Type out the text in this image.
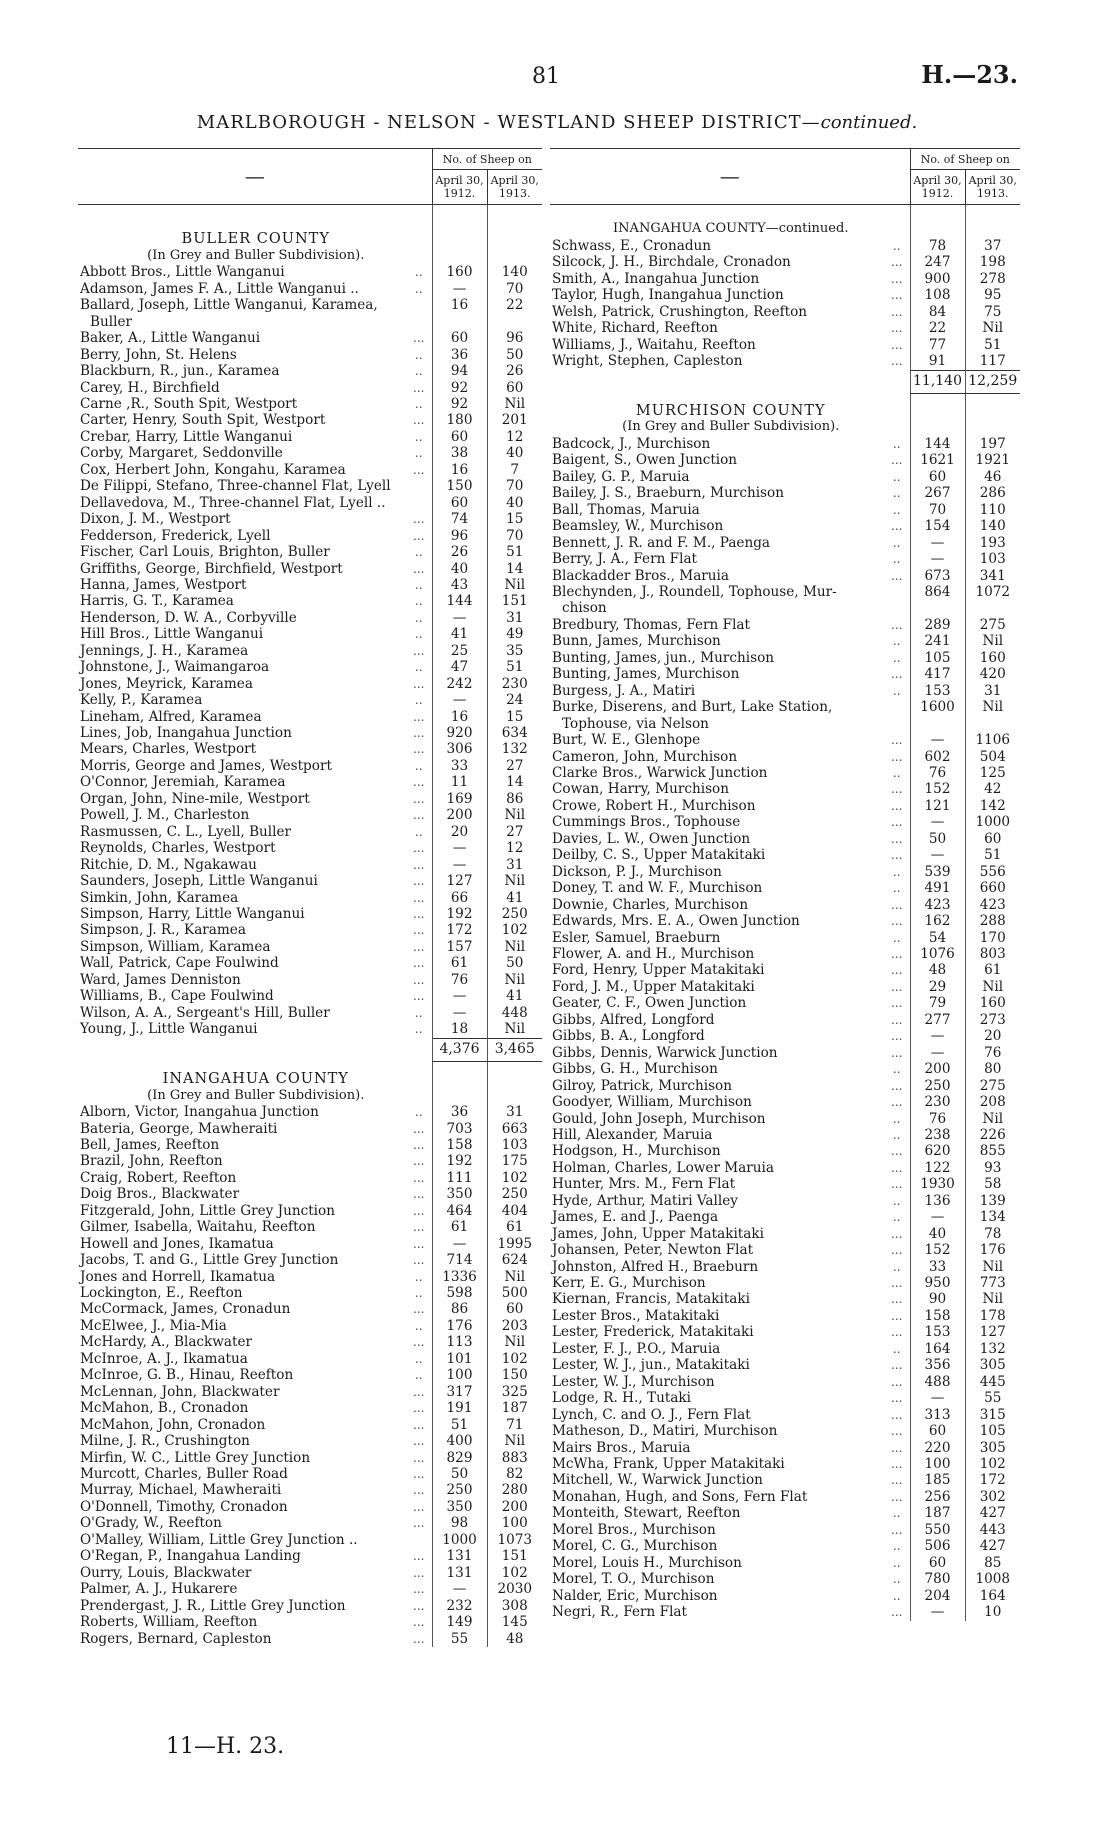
81	H.—23.
MARLBOROUGH - NELSON - WESTLAND SHEEP DISTRICT—continued.
—		No. of Sheep on	
		April 30, 1912.	April 30, 1913.

BULLER COUNTY			
(In Grey and Buller Subdivision).			
Abbott Bros., Little Wanganui	..	160	140
Adamson, James F. A., Little Wanganui ..	..	—	70
Ballard, Joseph, Little Wanganui, Karamea,		16	22
Buller			
Baker, A., Little Wanganui	...	60	96
Berry, John, St. Helens	..	36	50
Blackburn, R., jun., Karamea	..	94	26
Carey, H., Birchfield	...	92	60
Carne ,R., South Spit, Westport	..	92	Nil
Carter, Henry, South Spit, Westport	...	180	201
Crebar, Harry, Little Wanganui	..	60	12
Corby, Margaret, Seddonville	..	38	40
Cox, Herbert John, Kongahu, Karamea	...	16	7
De Filippi, Stefano, Three-channel Flat, Lyell		150	70
Dellavedova, M., Three-channel Flat, Lyell ..		60	40
Dixon, J. M., Westport	...	74	15
Fedderson, Frederick, Lyell	...	96	70
Fischer, Carl Louis, Brighton, Buller	..	26	51
Griffiths, George, Birchfield, Westport	...	40	14
Hanna, James, Westport	..	43	Nil
Harris, G. T., Karamea	..	144	151
Henderson, D. W. A., Corbyville	..	—	31
Hill Bros., Little Wanganui	..	41	49
Jennings, J. H., Karamea	...	25	35
Johnstone, J., Waimangaroa	..	47	51
Jones, Meyrick, Karamea	...	242	230
Kelly, P., Karamea	..	—	24
Lineham, Alfred, Karamea	...	16	15
Lines, Job, Inangahua Junction	...	920	634
Mears, Charles, Westport	...	306	132
Morris, George and James, Westport	..	33	27
O'Connor, Jeremiah, Karamea	...	11	14
Organ, John, Nine-mile, Westport	...	169	86
Powell, J. M., Charleston	...	200	Nil
Rasmussen, C. L., Lyell, Buller	..	20	27
Reynolds, Charles, Westport	...	—	12
Ritchie, D. M., Ngakawau	...	—	31
Saunders, Joseph, Little Wanganui	...	127	Nil
Simkin, John, Karamea	...	66	41
Simpson, Harry, Little Wanganui	...	192	250
Simpson, J. R., Karamea	...	172	102
Simpson, William, Karamea	...	157	Nil
Wall, Patrick, Cape Foulwind	...	61	50
Ward, James Denniston	...	76	Nil
Williams, B., Cape Foulwind	...	—	41
Wilson, A. A., Sergeant's Hill, Buller	..	—	448
Young, J., Little Wanganui	..	18	Nil
		4,376	3,465
INANGAHUA COUNTY			
(In Grey and Buller Subdivision).			
Alborn, Victor, Inangahua Junction	..	36	31
Bateria, George, Mawheraiti	...	703	663
Bell, James, Reefton	...	158	103
Brazil, John, Reefton	...	192	175
Craig, Robert, Reefton	...	111	102
Doig Bros., Blackwater	...	350	250
Fitzgerald, John, Little Grey Junction	...	464	404
Gilmer, Isabella, Waitahu, Reefton	...	61	61
Howell and Jones, Ikamatua	...	—	1995
Jacobs, T. and G., Little Grey Junction	...	714	624
Jones and Horrell, Ikamatua	..	1336	Nil
Lockington, E., Reefton	..	598	500
McCormack, James, Cronadun	...	86	60
McElwee, J., Mia-Mia	..	176	203
McHardy, A., Blackwater	...	113	Nil
McInroe, A. J., Ikamatua	..	101	102
McInroe, G. B., Hinau, Reefton	..	100	150
McLennan, John, Blackwater	...	317	325
McMahon, B., Cronadon	...	191	187
McMahon, John, Cronadon	...	51	71
Milne, J. R., Crushington	...	400	Nil
Mirfin, W. C., Little Grey Junction	...	829	883
Murcott, Charles, Buller Road	...	50	82
Murray, Michael, Mawheraiti	...	250	280
O'Donnell, Timothy, Cronadon	...	350	200
O'Grady, W., Reefton	...	98	100
O'Malley, William, Little Grey Junction ..		1000	1073
O'Regan, P., Inangahua Landing	...	131	151
Ourry, Louis, Blackwater	...	131	102
Palmer, A. J., Hukarere	...	—	2030
Prendergast, J. R., Little Grey Junction	...	232	308
Roberts, William, Reefton	...	149	145
Rogers, Bernard, Capleston	...	55	48
—		No. of Sheep on	
		April 30, 1912.	April 30, 1913.

INANGAHUA COUNTY—continued.			
Schwass, E., Cronadun	..	78	37
Silcock, J. H., Birchdale, Cronadon	...	247	198
Smith, A., Inangahua Junction	...	900	278
Taylor, Hugh, Inangahua Junction	...	108	95
Welsh, Patrick, Crushington, Reefton	...	84	75
White, Richard, Reefton	...	22	Nil
Williams, J., Waitahu, Reefton	...	77	51
Wright, Stephen, Capleston	...	91	117
		11,140	12,259
MURCHISON COUNTY			
(In Grey and Buller Subdivision).			
Badcock, J., Murchison	..	144	197
Baigent, S., Owen Junction	...	1621	1921
Bailey, G. P., Maruia	..	60	46
Bailey, J. S., Braeburn, Murchison	..	267	286
Ball, Thomas, Maruia	..	70	110
Beamsley, W., Murchison	...	154	140
Bennett, J. R. and F. M., Paenga	..	—	193
Berry, J. A., Fern Flat	..	—	103
Blackadder Bros., Maruia	...	673	341
Blechynden, J., Roundell, Tophouse, Mur-		864	1072
chison			
Bredbury, Thomas, Fern Flat	...	289	275
Bunn, James, Murchison	..	241	Nil
Bunting, James, jun., Murchison	..	105	160
Bunting, James, Murchison	...	417	420
Burgess, J. A., Matiri	..	153	31
Burke, Diserens, and Burt, Lake Station,		1600	Nil
Tophouse, via Nelson			
Burt, W. E., Glenhope	...	—	1106
Cameron, John, Murchison	...	602	504
Clarke Bros., Warwick Junction	..	76	125
Cowan, Harry, Murchison	...	152	42
Crowe, Robert H., Murchison	...	121	142
Cummings Bros., Tophouse	...	—	1000
Davies, L. W., Owen Junction	...	50	60
Deilby, C. S., Upper Matakitaki	...	—	51
Dickson, P. J., Murchison	..	539	556
Doney, T. and W. F., Murchison	..	491	660
Downie, Charles, Murchison	...	423	423
Edwards, Mrs. E. A., Owen Junction	...	162	288
Esler, Samuel, Braeburn	..	54	170
Flower, A. and H., Murchison	...	1076	803
Ford, Henry, Upper Matakitaki	...	48	61
Ford, J. M., Upper Matakitaki	...	29	Nil
Geater, C. F., Owen Junction	...	79	160
Gibbs, Alfred, Longford	...	277	273
Gibbs, B. A., Longford	...	—	20
Gibbs, Dennis, Warwick Junction	...	—	76
Gibbs, G. H., Murchison	..	200	80
Gilroy, Patrick, Murchison	...	250	275
Goodyer, William, Murchison	...	230	208
Gould, John Joseph, Murchison	..	76	Nil
Hill, Alexander, Maruia	..	238	226
Hodgson, H., Murchison	...	620	855
Holman, Charles, Lower Maruia	...	122	93
Hunter, Mrs. M., Fern Flat	...	1930	58
Hyde, Arthur, Matiri Valley	..	136	139
James, E. and J., Paenga	..	—	134
James, John, Upper Matakitaki	...	40	78
Johansen, Peter, Newton Flat	...	152	176
Johnston, Alfred H., Braeburn	..	33	Nil
Kerr, E. G., Murchison	...	950	773
Kiernan, Francis, Matakitaki	...	90	Nil
Lester Bros., Matakitaki	...	158	178
Lester, Frederick, Matakitaki	...	153	127
Lester, F. J., P.O., Maruia	..	164	132
Lester, W. J., jun., Matakitaki	...	356	305
Lester, W. J., Murchison	...	488	445
Lodge, R. H., Tutaki	...	—	55
Lynch, C. and O. J., Fern Flat	...	313	315
Matheson, D., Matiri, Murchison	...	60	105
Mairs Bros., Maruia	...	220	305
McWha, Frank, Upper Matakitaki	...	100	102
Mitchell, W., Warwick Junction	...	185	172
Monahan, Hugh, and Sons, Fern Flat	...	256	302
Monteith, Stewart, Reefton	..	187	427
Morel Bros., Murchison	...	550	443
Morel, C. G., Murchison	..	506	427
Morel, Louis H., Murchison	..	60	85
Morel, T. O., Murchison	..	780	1008
Nalder, Eric, Murchison	..	204	164
Negri, R., Fern Flat	...	—	10
11—H. 23.
